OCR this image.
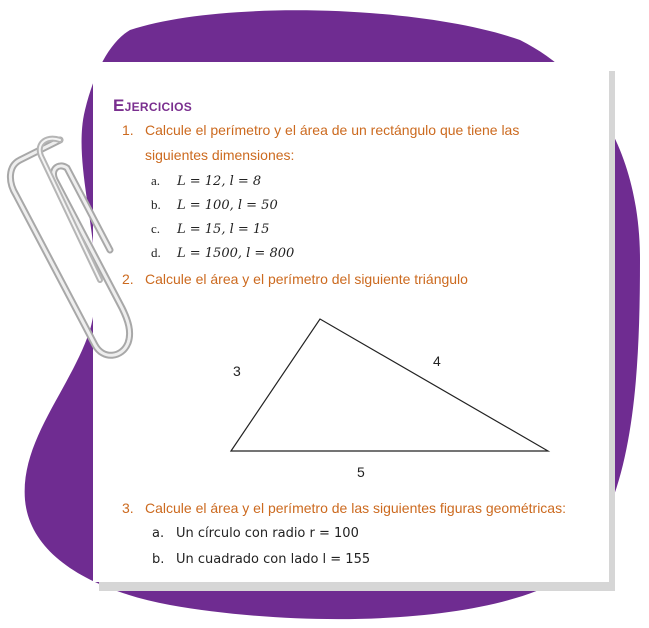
Ejercicios
1. Calcule el perímetro y el área de un rectángulo que tiene las
siguientes dimensiones:
a. L = 12, l = 8
b. L = 100, l = 50
c. L = 15, l = 15
d. L = 1500, l = 800
2. Calcule el área y el perímetro del siguiente triángulo
3
4
5
3. Calcule el área y el perímetro de las siguientes figuras geométricas:
a. Un círculo con radio r = 100
b. Un cuadrado con lado l = 155
